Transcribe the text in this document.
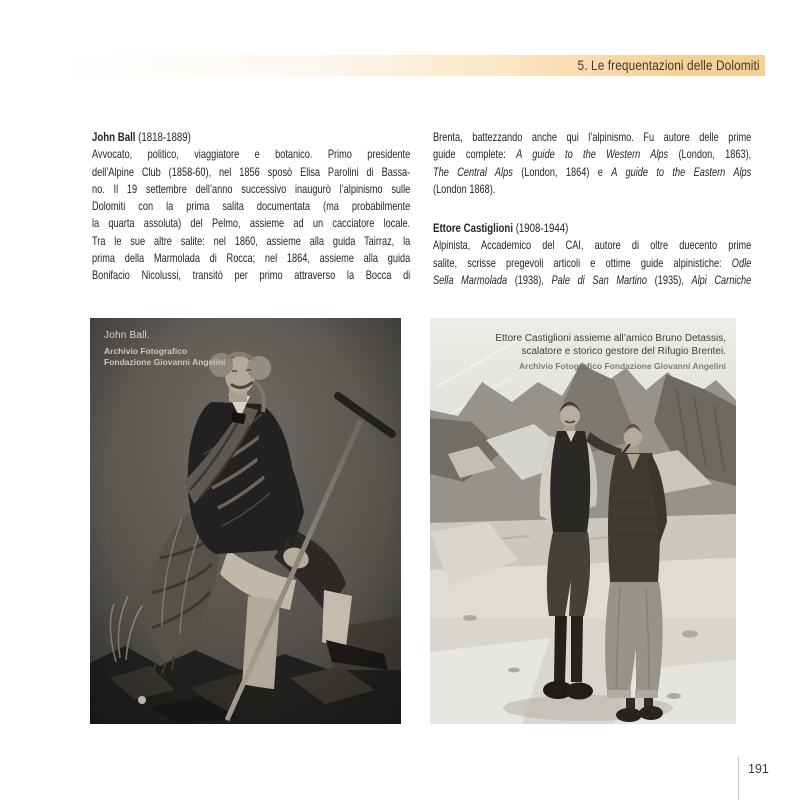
5. Le frequentazioni delle Dolomiti
John Ball (1818-1889)
Avvocato, politico, viaggiatore e botanico. Primo presidente
dell’Alpine Club (1858-60), nel 1856 sposò Elisa Parolini di Bassa-
no. Il 19 settembre dell’anno successivo inaugurò l’alpinismo sulle
Dolomiti con la prima salita documentata (ma probabilmente
la quarta assoluta) del Pelmo, assieme ad un cacciatore locale.
Tra le sue altre salite: nel 1860, assieme alla guida Tairraz, la
prima della Marmolada di Rocca; nel 1864, assieme alla guida
Bonifacio Nicolussi, transitò per primo attraverso la Bocca di
Brenta, battezzando anche qui l’alpinismo. Fu autore delle prime
guide complete: A guide to the Western Alps (London, 1863),
The Central Alps (London, 1864) e A guide to the Eastern Alps
(London 1868).
Ettore Castiglioni (1908-1944)
Alpinista, Accademico del CAI, autore di oltre duecento prime
salite, scrisse pregevoli articoli e ottime guide alpinistiche: Odle
Sella Marmolada (1938), Pale di San Martino (1935), Alpi Carniche
John Ball.
Archivio Fotografico
Fondazione Giovanni Angelini
Ettore Castiglioni assieme all’amico Bruno Detassis,
scalatore e storico gestore del Rifugio Brentei.
Archivio Fotografico Fondazione Giovanni Angelini
191
